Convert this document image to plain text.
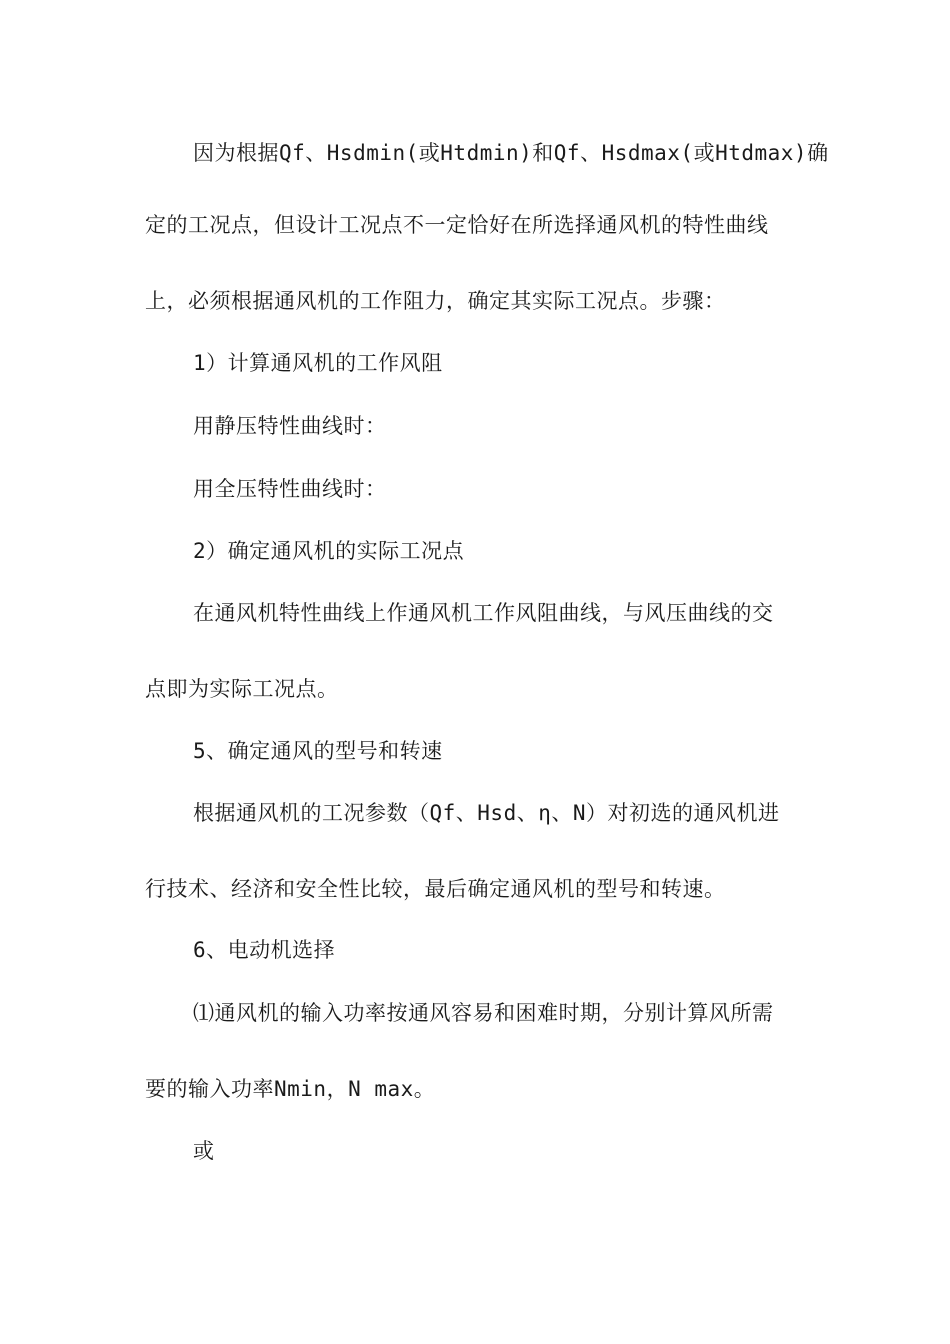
因为根据Qf、Hsdmin(或Htdmin)和Qf、Hsdmax(或Htdmax)确
定的工况点，但设计工况点不一定恰好在所选择通风机的特性曲线
上，必须根据通风机的工作阻力，确定其实际工况点。步骤：
1）计算通风机的工作风阻
用静压特性曲线时：
用全压特性曲线时：
2）确定通风机的实际工况点
在通风机特性曲线上作通风机工作风阻曲线，与风压曲线的交
点即为实际工况点。
5、确定通风的型号和转速
根据通风机的工况参数（Qf、Hsd、η、N）对初选的通风机进
行技术、经济和安全性比较，最后确定通风机的型号和转速。
6、电动机选择
⑴通风机的输入功率按通风容易和困难时期，分别计算风所需
要的输入功率Nmin，N max。
或
